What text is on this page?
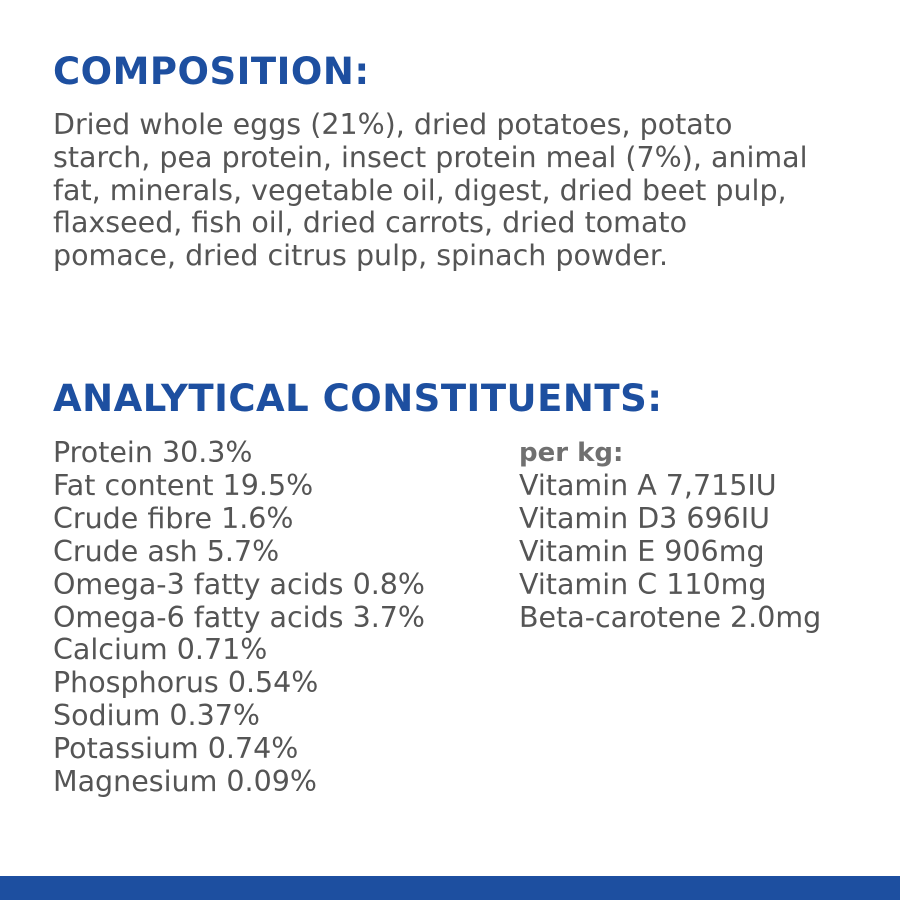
COMPOSITION:
Dried whole eggs (21%), dried potatoes, potato
starch, pea protein, insect protein meal (7%), animal
fat, minerals, vegetable oil, digest, dried beet pulp,
flaxseed, fish oil, dried carrots, dried tomato
pomace, dried citrus pulp, spinach powder.
ANALYTICAL CONSTITUENTS:
Protein 30.3%
Fat content 19.5%
Crude fibre 1.6%
Crude ash 5.7%
Omega-3 fatty acids 0.8%
Omega-6 fatty acids 3.7%
Calcium 0.71%
Phosphorus 0.54%
Sodium 0.37%
Potassium 0.74%
Magnesium 0.09%
per kg:
Vitamin A 7,715IU
Vitamin D3 696IU
Vitamin E 906mg
Vitamin C 110mg
Beta-carotene 2.0mg
